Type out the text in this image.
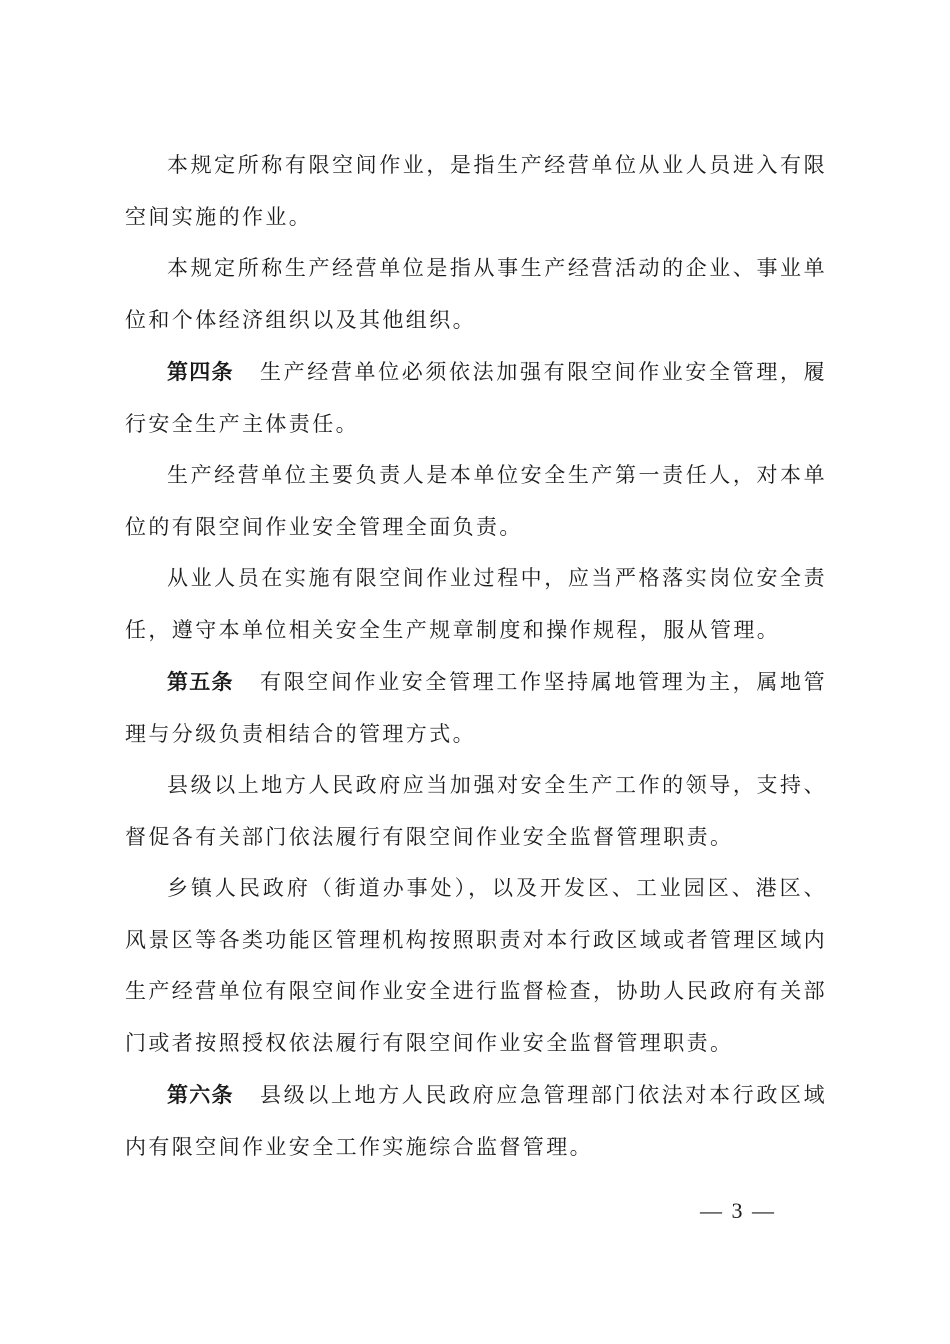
本规定所称有限空间作业，是指生产经营单位从业人员进入有限空间实施的作业。

本规定所称生产经营单位是指从事生产经营活动的企业、事业单位和个体经济组织以及其他组织。

第四条 生产经营单位必须依法加强有限空间作业安全管理，履行安全生产主体责任。

生产经营单位主要负责人是本单位安全生产第一责任人，对本单位的有限空间作业安全管理全面负责。

从业人员在实施有限空间作业过程中，应当严格落实岗位安全责任，遵守本单位相关安全生产规章制度和操作规程，服从管理。

第五条 有限空间作业安全管理工作坚持属地管理为主，属地管理与分级负责相结合的管理方式。

县级以上地方人民政府应当加强对安全生产工作的领导，支持、督促各有关部门依法履行有限空间作业安全监督管理职责。

乡镇人民政府（街道办事处），以及开发区、工业园区、港区、风景区等各类功能区管理机构按照职责对本行政区域或者管理区域内生产经营单位有限空间作业安全进行监督检查，协助人民政府有关部门或者按照授权依法履行有限空间作业安全监督管理职责。

第六条 县级以上地方人民政府应急管理部门依法对本行政区域内有限空间作业安全工作实施综合监督管理。

— 3 —
